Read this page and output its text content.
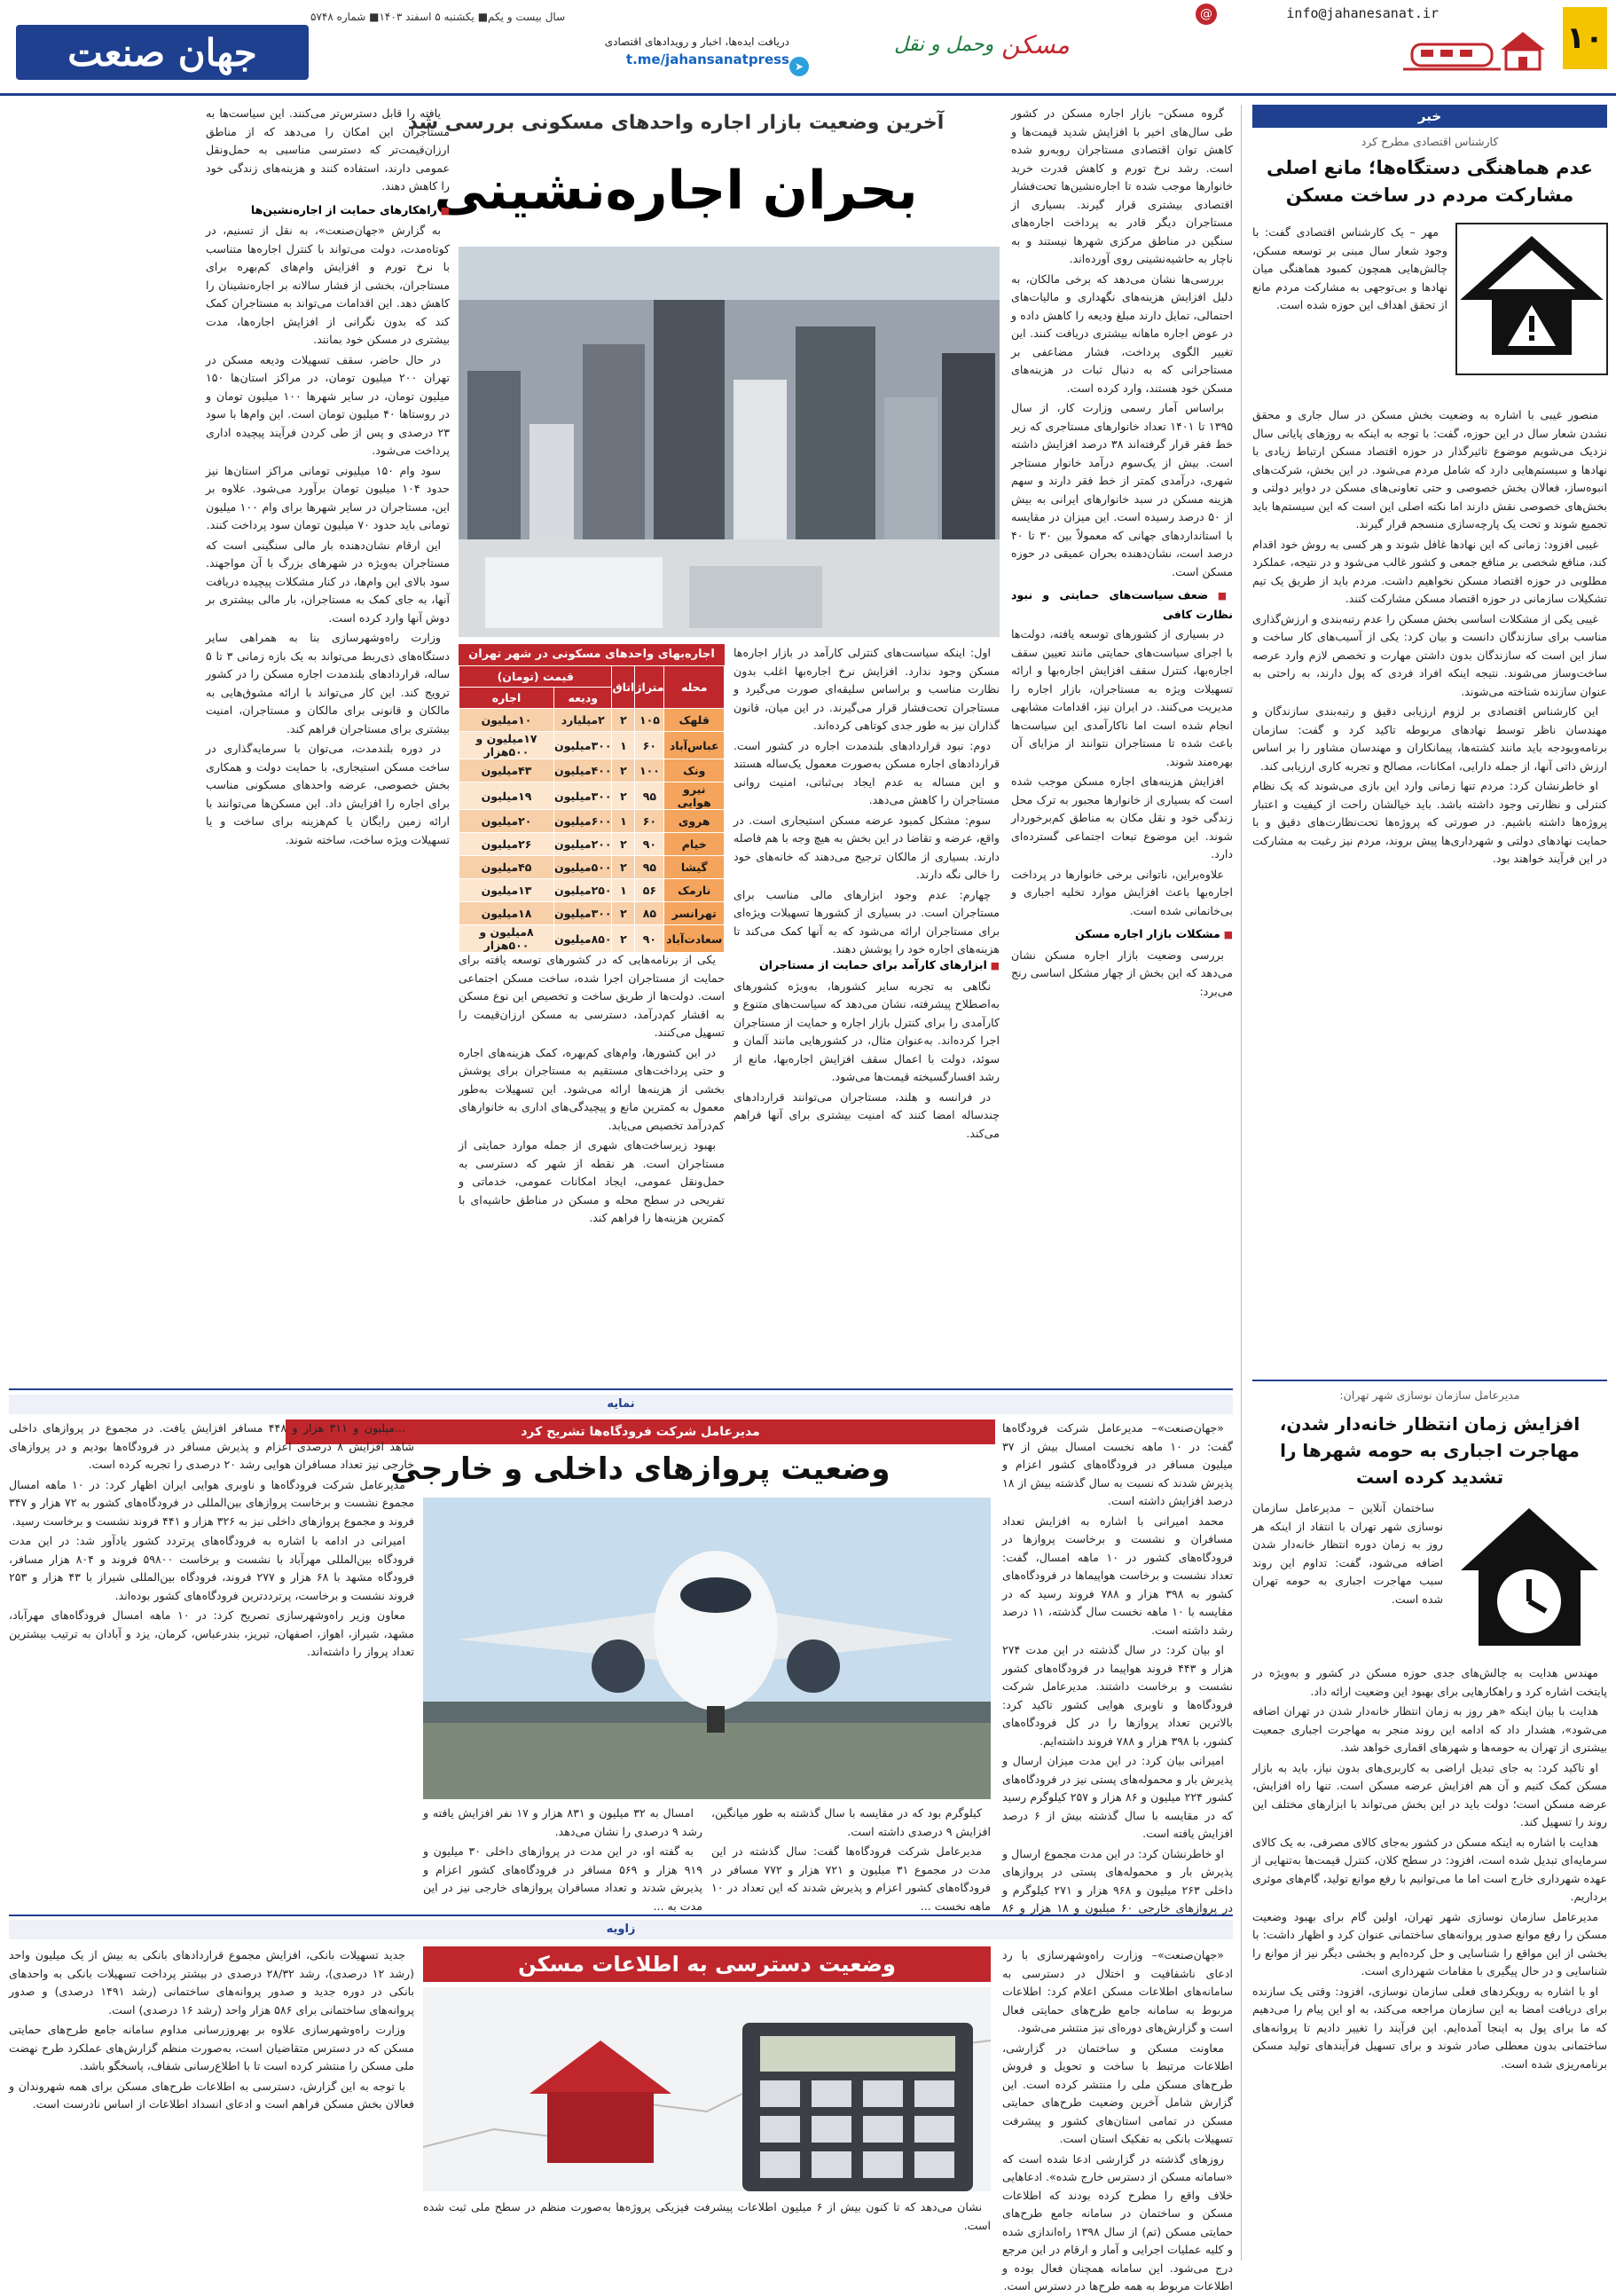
۱۰
@	info@jahanesanat.ir
مسکن

وحمل و نقل
دریافت ایده‌ها، اخبار و رویدادهای اقتصادی
t.me/jahansanatpress ➤
سال بیست و یکم■ یکشنبه ۵ اسفند ۱۴۰۳■ شماره ۵۷۴۸
جهان صنعت
خبر
کارشناس اقتصادی مطرح کرد
عدم هماهنگی دستگاه‌ها؛ مانع اصلی مشارکت مردم در ساخت مسکن

مهر – یک کارشناس اقتصادی گفت: با وجود شعار سال مبنی بر توسعه مسکن، چالش‌هایی همچون کمبود هماهنگی میان نهادها و بی‌توجهی به مشارکت مردم مانع از تحقق اهداف این حوزه شده است.

منصور غیبی با اشاره به وضعیت بخش مسکن در سال جاری و محقق نشدن شعار سال در این حوزه، گفت: با توجه به اینکه به روزهای پایانی سال نزدیک می‌شویم موضوع تاثیرگذار در حوزه اقتصاد مسکن ارتباط زیادی با نهادها و سیستم‌هایی دارد که شامل مردم می‌شود. در این بخش، شرکت‌های انبوه‌ساز، فعالان بخش خصوصی و حتی تعاونی‌های مسکن در دوایر دولتی و بخش‌های خصوصی نقش دارند اما نکته اصلی این است که این سیستم‌ها باید تجمیع شوند و تحت یک پارچه‌سازی منسجم قرار گیرند.

غیبی افزود: زمانی که این نهادها غافل شوند و هر کسی به روش خود اقدام کند، منافع شخصی بر منافع جمعی و کشور غالب می‌شود و در نتیجه، عملکرد مطلوبی در حوزه اقتصاد مسکن نخواهیم داشت. مردم باید از طریق یک تیم تشکیلات سازمانی در حوزه اقتصاد مسکن مشارکت کنند.

غیبی یکی از مشکلات اساسی بخش مسکن را عدم رتبه‌بندی و ارزش‌گذاری مناسب برای سازندگان دانست و بیان کرد: یکی از آسیب‌های کار ساخت و ساز این است که سازندگان بدون داشتن مهارت و تخصص لازم وارد عرصه ساخت‌وساز می‌شوند. نتیجه اینکه افراد فردی که پول دارند، به راحتی به عنوان سازنده شناخته می‌شوند.

این کارشناس اقتصادی بر لزوم ارزیابی دقیق و رتبه‌بندی سازندگان و مهندسان ناظر توسط نهادهای مربوطه تاکید کرد و گفت: سازمان برنامه‌وبودجه باید مانند کشته‌ها، پیمانکاران و مهندسان مشاور را بر اساس ارزش ذاتی آنها، از جمله دارایی، امکانات، مصالح و تجربه کاری ارزیابی کند.

او خاطرنشان کرد: مردم تنها زمانی وارد این بازی می‌شوند که یک نظام کنترلی و نظارتی وجود داشته باشد. باید خیالشان راحت از کیفیت و اعتبار پروژه‌ها داشته باشیم. در صورتی که پروژه‌ها تحت‌نظارت‌های دقیق و با حمایت نهادهای دولتی و شهرداری‌ها پیش بروند، مردم نیز رغبت به مشارکت در این فرآیند خواهند بود.

مدیرعامل سازمان نوسازی شهر تهران:
افزایش زمان انتظار خانه‌دار شدن، مهاجرت اجباری به حومه شهرها را تشدید کرده است

ساختمان آنلاین – مدیرعامل سازمان نوسازی شهر تهران با انتقاد از اینکه هر روز به زمان دوره انتظار خانه‌دار شدن اضافه می‌شود، گفت: تداوم این روند سبب مهاجرت اجباری به حومه تهران شده است.

مهندس هدایت به چالش‌های جدی حوزه مسکن در کشور و به‌ویژه در پایتخت اشاره کرد و راهکارهایی برای بهبود این وضعیت ارائه داد.

هدایت با بیان اینکه «هر روز به زمان انتظار خانه‌دار شدن در تهران اضافه می‌شود»، هشدار داد که ادامه این روند منجر به مهاجرت اجباری جمعیت بیشتری از تهران به حومه‌ها و شهرهای اقماری خواهد شد.

او تاکید کرد: به جای تبدیل اراضی به کاربری‌های بدون نیاز، باید به بازار مسکن کمک کنیم و آن هم افزایش عرضه مسکن است. تنها راه افزایش، عرضه مسکن است؛ دولت باید در این بخش می‌تواند با ابزارهای مختلف این روند را تسهیل کند.

هدایت با اشاره به اینکه مسکن در کشور به‌جای کالای مصرفی، به یک کالای سرمایه‌ای تبدیل شده است، افزود: در سطح کلان، کنترل قیمت‌ها به‌تنهایی از عهده شهرداری خارج است اما ما می‌توانیم با رفع موانع تولید، گام‌های موثری برداریم.

مدیرعامل سازمان نوسازی شهر تهران، اولین گام برای بهبود وضعیت مسکن را رفع موانع صدور پروانه‌های ساختمانی عنوان کرد و اظهار داشت: با بخشی از این مواقع را شناسایی و حل کرده‌ایم و بخشی دیگر نیز از موانع را شناسایی و در حال پیگیری با مقامات شهرداری است.

او با اشاره به رویکردهای فعلی سازمان نوسازی، افزود: وقتی یک سازنده برای دریافت امضا به این سازمان مراجعه می‌کند، به او این پیام را می‌دهیم که ما برای پول به اینجا آمده‌ایم. این فرآیند را تغییر دادیم تا پروانه‌های ساختمانی بدون معطلی صادر شوند و برای تسهیل فرآیندهای تولید مسکن برنامه‌ریزی شده است.

گروه مسکن– بازار اجاره مسکن در کشور طی سال‌های اخیر با افزایش شدید قیمت‌ها و کاهش توان اقتصادی مستاجران روبه‌رو شده است. رشد نرخ تورم و کاهش قدرت خرید خانوارها موجب شده تا اجاره‌نشین‌ها تحت‌فشار اقتصادی بیشتری قرار گیرند. بسیاری از مستاجران دیگر قادر به پرداخت اجاره‌های سنگین در مناطق مرکزی شهرها نیستند و به ناچار به حاشیه‌نشینی روی آورده‌اند.

بررسی‌ها نشان می‌دهد که برخی مالکان، به دلیل افزایش هزینه‌های نگهداری و مالیات‌های احتمالی، تمایل دارند مبلغ ودیعه را کاهش داده و در عوض اجاره ماهانه بیشتری دریافت کنند. این تغییر الگوی پرداخت، فشار مضاعفی بر مستاجرانی که به دنبال ثبات در هزینه‌های مسکن خود هستند، وارد کرده است.

براساس آمار رسمی وزارت کار، از سال ۱۳۹۵ تا ۱۴۰۱ تعداد خانوارهای مستاجری که زیر خط فقر قرار گرفته‌اند ۳۸ درصد افزایش داشته است. بیش از یک‌سوم درآمد خانوار مستاجر شهری، درآمدی کمتر از خط فقر دارند و سهم هزینه مسکن در سبد خانوارهای ایرانی به بیش از ۵۰ درصد رسیده است. این میزان در مقایسه با استانداردهای جهانی که معمولاً بین ۳۰ تا ۴۰ درصد است، نشان‌دهنده بحران عمیقی در حوزه مسکن است.

■ ضعف سیاست‌های حمایتی و نبود نظارت کافی

در بسیاری از کشورهای توسعه یافته، دولت‌ها با اجرای سیاست‌های حمایتی مانند تعیین سقف اجاره‌بها، کنترل سقف افزایش اجاره‌بها و ارائه تسهیلات ویژه به مستاجران، بازار اجاره را مدیریت می‌کنند. در ایران نیز، اقدامات مشابهی انجام شده است اما ناکارآمدی این سیاست‌ها باعث شده تا مستاجران نتوانند از مزایای آن بهره‌مند شوند.

افزایش هزینه‌های اجاره مسکن موجب شده است که بسیاری از خانوارها مجبور به ترک محل زندگی خود و نقل مکان به مناطق کم‌برخوردار شوند. این موضوع تبعات اجتماعی گسترده‌ای دارد.

علاوه‌براین، ناتوانی برخی خانوارها در پرداخت اجاره‌بها باعث افزایش موارد تخلیه اجباری و بی‌خانمانی شده است.

■ مشکلات بازار اجاره مسکن

بررسی وضعیت بازار اجاره مسکن نشان می‌دهد که این بخش از چهار مشکل اساسی رنج می‌برد:

آخرین وضعیت بازار اجاره واحدهای مسکونی بررسی شد
بحران اجاره‌نشینی
اجاره‌بهای واحدهای مسکونی در شهر تهران
محله	متراژ	اتاق	قیمت (تومان)	
			ودیعه	اجاره
قلهک	۱۰۵	۲	۲میلیارد	۱۰میلیون
عباس‌آباد	۶۰	۱	۳۰۰میلیون	۱۷میلیون و ۵۰۰هزار
ونک	۱۰۰	۲	۴۰۰میلیون	۴۳میلیون
نیرو هوایی	۹۵	۲	۳۰۰میلیون	۱۹میلیون
هروی	۶۰	۱	۶۰۰میلیون	۲۰میلیون
خیام	۹۰	۲	۲۰۰میلیون	۲۶میلیون
گیشا	۹۵	۲	۵۰۰میلیون	۴۵میلیون
نارمک	۵۶	۱	۲۵۰میلیون	۱۳میلیون
تهرانسر	۸۵	۲	۳۰۰میلیون	۱۸میلیون
سعادت‌آباد	۹۰	۲	۸۵۰میلیون	۸میلیون و ۵۰۰هزار

اول: اینکه سیاست‌های کنترلی کارآمد در بازار اجاره‌ها مسکن وجود ندارد. افزایش نرخ اجاره‌بها اغلب بدون نظارت مناسب و براساس سلیقه‌ای صورت می‌گیرد و مستاجران تحت‌فشار قرار می‌گیرند. در این میان، قانون گذاران نیز به طور جدی کوتاهی کرده‌اند.

دوم: نبود قراردادهای بلندمدت اجاره در کشور است. قراردادهای اجاره مسکن به‌صورت معمول یک‌ساله هستند و این مساله به عدم ایجاد بی‌ثباتی، امنیت روانی مستاجران را کاهش می‌دهد.

سوم: مشکل کمبود عرضه مسکن استیجاری است. در واقع، عرضه و تقاضا در این بخش به هیچ وجه با هم فاصله دارند. بسیاری از مالکان ترجیح می‌دهند که خانه‌های خود را خالی نگه دارند.

چهارم: عدم وجود ابزارهای مالی مناسب برای مستاجران است. در بسیاری از کشورها تسهیلات ویژه‌ای برای مستاجران ارائه می‌شود که به آنها کمک می‌کند تا هزینه‌های اجاره خود را پوشش دهند.

■ ابزارهای کارآمد برای حمایت از مستاجران

نگاهی به تجربه سایر کشورها، به‌ویژه کشورهای به‌اصطلاح پیشرفته، نشان می‌دهد که سیاست‌های متنوع و کارآمدی را برای کنترل بازار اجاره و حمایت از مستاجران اجرا کرده‌اند. به‌عنوان مثال، در کشورهایی مانند آلمان و سوئد، دولت با اعمال سقف افزایش اجاره‌بها، مانع از رشد افسارگسیخته قیمت‌ها می‌شود.

در فرانسه و هلند، مستاجران می‌توانند قراردادهای چندساله امضا کنند که امنیت بیشتری برای آنها فراهم می‌کند.

یکی از برنامه‌هایی که در کشورهای توسعه یافته برای حمایت از مستاجران اجرا شده، ساخت مسکن اجتماعی است. دولت‌ها از طریق ساخت و تخصیص این نوع مسکن به اقشار کم‌درآمد، دسترسی به مسکن ارزان‌قیمت را تسهیل می‌کنند.

در این کشورها، وام‌های کم‌بهره، کمک هزینه‌های اجاره و حتی پرداخت‌های مستقیم به مستاجران برای پوشش بخشی از هزینه‌ها ارائه می‌شود. این تسهیلات به‌طور معمول به کمترین مانع و پیچیدگی‌های اداری به خانوارهای کم‌درآمد تخصیص می‌یابد.

بهبود زیرساخت‌های شهری از جمله موارد حمایتی از مستاجران است. هر نقطه از شهر که دسترسی به حمل‌ونقل عمومی، ایجاد امکانات عمومی، خدماتی و تفریحی در سطح محله و مسکن در مناطق حاشیه‌ای با کمترین هزینه‌ها را فراهم کند.

یافته را قابل دسترس‌تر می‌کنند. این سیاست‌ها به مستاجران این امکان را می‌دهد که از مناطق ارزان‌قیمت‌تر که دسترسی مناسبی به حمل‌ونقل عمومی دارند، استفاده کنند و هزینه‌های زندگی خود را کاهش دهند.

■ راهکارهای حمایت از اجاره‌نشین‌ها

به گزارش «جهان‌صنعت»، به نقل از تسنیم، در کوتاه‌مدت، دولت می‌تواند با کنترل اجاره‌ها متناسب با نرخ تورم و افزایش وام‌های کم‌بهره برای مستاجران، بخشی از فشار سالانه بر اجاره‌نشینان را کاهش دهد. این اقدامات می‌تواند به مستاجران کمک کند که بدون نگرانی از افزایش اجاره‌ها، مدت بیشتری در مسکن خود بمانند.

در حال حاضر، سقف تسهیلات ودیعه مسکن در تهران ۲۰۰ میلیون تومان، در مراکز استان‌ها ۱۵۰ میلیون تومان، در سایر شهرها ۱۰۰ میلیون تومان و در روستاها ۴۰ میلیون تومان است. این وام‌ها با سود ۲۳ درصدی و پس از طی کردن فرآیند پیچیده اداری پرداخت می‌شود.

سود وام ۱۵۰ میلیونی تومانی مراکز استان‌ها نیز حدود ۱۰۴ میلیون تومان برآورد می‌شود. علاوه بر این، مستاجران در سایر شهرها برای وام ۱۰۰ میلیون تومانی باید حدود ۷۰ میلیون تومان سود پرداخت کنند.

این ارقام نشان‌دهنده بار مالی سنگینی است که مستاجران به‌ویژه در شهرهای بزرگ با آن مواجهند. سود بالای این وام‌ها، در کنار مشکلات پیچیده دریافت آنها، به جای کمک به مستاجران، بار مالی بیشتری بر دوش آنها وارد کرده است.

وزارت راه‌وشهرسازی بنا به همراهی سایر دستگاه‌های ذی‌ربط می‌تواند به یک بازه زمانی ۳ تا ۵ ساله، قراردادهای بلندمدت اجاره مسکن را در کشور ترویج کند. این کار می‌تواند با ارائه مشوق‌هایی به مالکان و قانونی برای مالکان و مستاجران، امنیت بیشتری برای مستاجران فراهم کند.

در دوره بلندمدت، می‌توان با سرمایه‌گذاری در ساخت مسکن استیجاری، با حمایت دولت و همکاری بخش خصوصی، عرضه واحدهای مسکونی مناسب برای اجاره را افزایش داد. این مسکن‌ها می‌توانند با ارائه زمین رایگان یا کم‌هزینه برای ساخت و یا تسهیلات ویژه ساخت، ساخته شوند.

نمایه
مدیرعامل شرکت فرودگاه‌ها تشریح کرد
وضعیت پروازهای داخلی و خارجی

«جهان‌صنعت»– مدیرعامل شرکت فرودگاه‌ها گفت: در ۱۰ ماهه نخست امسال بیش از ۳۷ میلیون مسافر در فرودگاه‌های کشور اعزام و پذیرش شدند که نسبت به سال گذشته بیش از ۱۸ درصد افزایش داشته است.

محمد امیرانی با اشاره به افزایش تعداد مسافران و نشست و برخاست پروازها در فرودگاه‌های کشور در ۱۰ ماهه امسال، گفت: تعداد نشست و برخاست هواپیماها در فرودگاه‌های کشور به ۳۹۸ هزار و ۷۸۸ فروند رسید که در مقایسه با ۱۰ ماهه نخست سال گذشته، ۱۱ درصد رشد داشته است.

او بیان کرد: در سال گذشته در این مدت ۲۷۴ هزار و ۴۴۳ فروند هواپیما در فرودگاه‌های کشور نشست و برخاست داشتند. مدیرعامل شرکت فرودگاه‌ها و ناوبری هوایی کشور تاکید کرد: بالاترین تعداد پروازها را در کل فرودگاه‌های کشور، با ۳۹۸ هزار و ۷۸۸ فروند داشته‌ایم.

امیرانی بیان کرد: در این مدت میزان ارسال و پذیرش بار و محموله‌های پستی نیز در فرودگاه‌های کشور ۲۲۴ میلیون و ۸۶ هزار و ۲۵۷ کیلوگرم رسید که در مقایسه با سال گذشته بیش از ۶ درصد افزایش یافته است.

او خاطرنشان کرد: در این مدت مجموع ارسال و پذیرش بار و محموله‌های پستی در پروازهای داخلی ۲۶۳ میلیون و ۹۶۸ هزار و ۲۷۱ کیلوگرم و در پروازهای خارجی ۶۰ میلیون و ۱۸ هزار و ۸۶

امسال به ۳۲ میلیون و ۸۳۱ هزار و ۱۷ نفر افزایش یافته و رشد ۹ درصدی را نشان می‌دهد.

به گفته او، در این مدت در پروازهای داخلی ۳۰ میلیون و ۹۱۹ هزار و ۵۶۹ مسافر در فرودگاه‌های کشور اعزام و پذیرش شدند و تعداد مسافران پروازهای خارجی نیز در این مدت به ...

کیلوگرم بود که در مقایسه با سال گذشته به طور میانگین، افزایش ۹ درصدی داشته است.

مدیرعامل شرکت فرودگاه‌ها گفت: سال گذشته در این مدت در مجموع ۳۱ میلیون و ۷۲۱ هزار و ۷۷۲ مسافر در فرودگاه‌های کشور اعزام و پذیرش شدند که این تعداد در ۱۰ ماهه نخست ...

...میلیون و ۳۱۱ هزار و ۴۴۸ مسافر افزایش یافت. در مجموع در پروازهای داخلی شاهد افزایش ۸ درصدی اعزام و پذیرش مسافر در فرودگاه‌ها بودیم و در پروازهای خارجی نیز تعداد مسافران هوایی رشد ۲۰ درصدی را تجربه کرده است.

مدیرعامل شرکت فرودگاه‌ها و ناوبری هوایی ایران اظهار کرد: در ۱۰ ماهه امسال مجموع نشست و برخاست پروازهای بین‌المللی در فرودگاه‌های کشور به ۷۲ هزار و ۳۴۷ فروند و مجموع پروازهای داخلی نیز به ۳۲۶ هزار و ۴۴۱ فروند نشست و برخاست رسید.

امیرانی در ادامه با اشاره به فرودگاه‌های پرتردد کشور یادآور شد: در این مدت فرودگاه بین‌المللی مهرآباد با نشست و برخاست ۵۹۸۰۰ فروند و ۸۰۴ هزار مسافر، فرودگاه مشهد با ۶۸ هزار و ۲۷۷ فروند، فرودگاه بین‌المللی شیراز با ۴۳ هزار و ۲۵۳ فروند نشست و برخاست، پرترددترین فرودگاه‌های کشور بوده‌اند.

معاون وزیر راه‌وشهرسازی تصریح کرد: در ۱۰ ماهه امسال فرودگاه‌های مهرآباد، مشهد، شیراز، اهواز، اصفهان، تبریز، بندرعباس، کرمان، یزد و آبادان به ترتیب بیشترین تعداد پرواز را داشته‌اند.

زاویه
وضعیت دسترسی به اطلاعات مسکن	«جهان‌صنعت»– وزارت راه‌وشهرسازی با رد ادعای ناشفافیت و اختلال در دسترسی به سامانه‌های اطلاعات مسکن اعلام کرد: اطلاعات مربوط به سامانه جامع طرح‌های حمایتی فعال است و گزارش‌های دوره‌ای نیز منتشر می‌شود.

معاونت مسکن و ساختمان در گزارشی، اطلاعات مرتبط با ساخت و تحویل و فروش طرح‌های مسکن ملی را منتشر کرده است. این گزارش شامل آخرین وضعیت طرح‌های حمایتی مسکن در تمامی استان‌های کشور و پیشرفت تسهیلات بانکی به تفکیک استان است.

روزهای گذشته در گزارشی ادعا شده است که «سامانه مسکن از دسترس خارج شده». ادعاهایی خلاف واقع را مطرح کرده بودند که اطلاعات مسکن و ساختمان در سامانه جامع طرح‌های حمایتی مسکن (تم) از سال ۱۳۹۸ راه‌اندازی شده و کلیه عملیات اجرایی و آمار و ارقام در این مرجع درج می‌شود. این سامانه همچنان فعال بوده و اطلاعات مربوط به همه طرح‌ها در دسترس است.

نشان می‌دهد که تا کنون بیش از ۶ میلیون اطلاعات پیشرفت فیزیکی پروژه‌ها به‌صورت منظم در سطح ملی ثبت شده است.

جدید تسهیلات بانکی، افزایش مجموع قراردادهای بانکی به بیش از یک میلیون واحد (رشد ۱۲ درصدی)، رشد ۲۸/۳۲ درصدی در بیشتر پرداخت تسهیلات بانکی به واحدهای بانکی در دوره جدید و صدور پروانه‌های ساختمانی (رشد ۱۴۹۱ درصدی) و صدور پروانه‌های ساختمانی برای ۵۸۶ هزار واحد (رشد ۱۶ درصدی) است.

وزارت راه‌وشهرسازی علاوه بر بهروزرسانی مداوم سامانه جامع طرح‌های حمایتی مسکن که در دسترس متقاضیان است، به‌صورت منظم گزارش‌های عملکرد طرح نهضت ملی مسکن را منتشر کرده است تا با اطلاع‌رسانی شفاف، پاسخگو باشد.

با توجه به این گزارش، دسترسی به اطلاعات طرح‌های مسکن برای همه شهروندان و فعالان بخش مسکن فراهم است و ادعای انسداد اطلاعات از اساس نادرست است.
